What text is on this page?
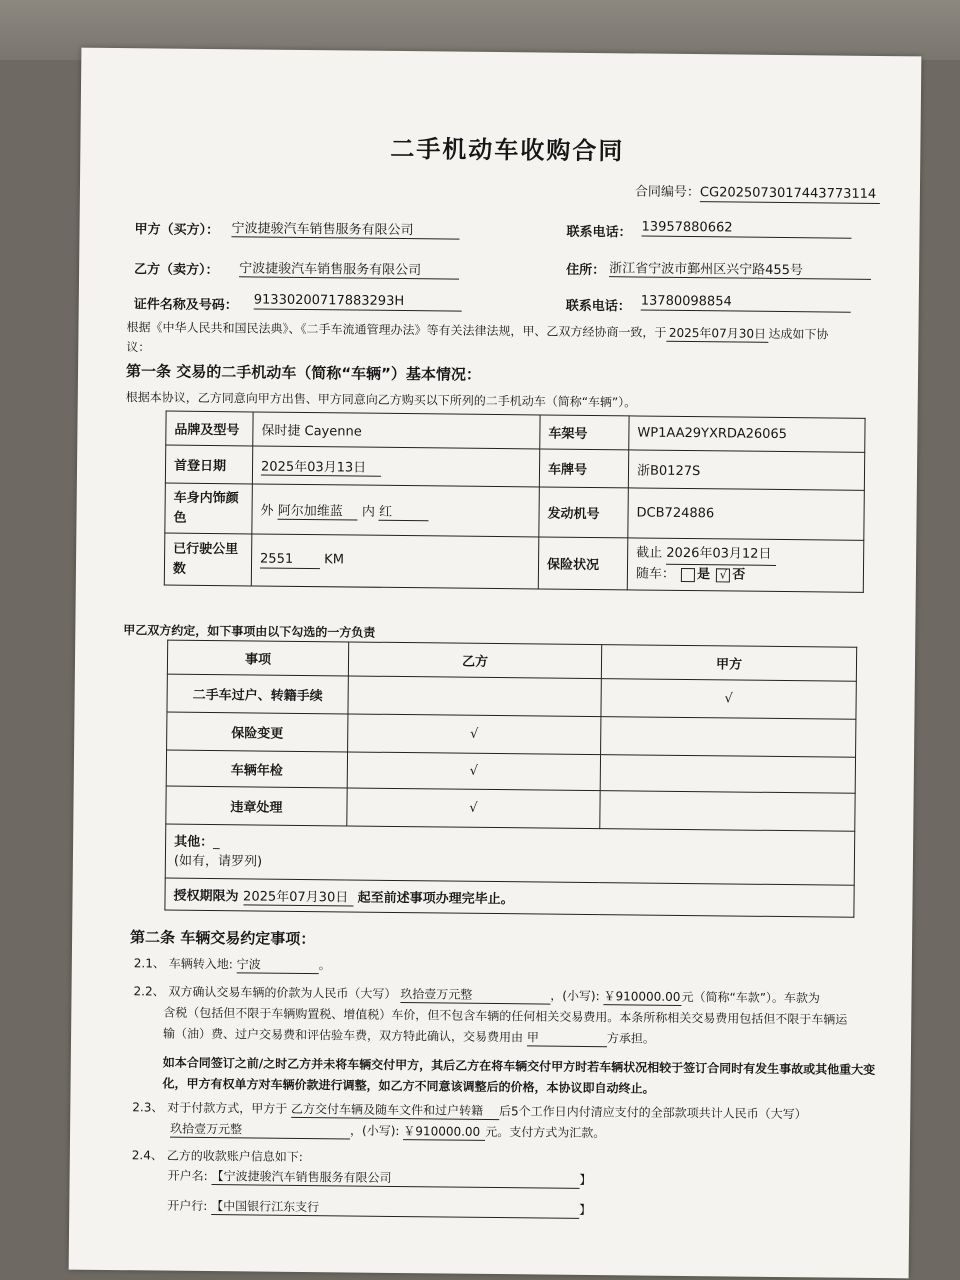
二手机动车收购合同
合同编号：CG2025073017443773114
甲方（买方）： 宁波捷骏汽车销售服务有限公司	联系电话： 13957880662
乙方（卖方）： 宁波捷骏汽车销售服务有限公司	住所： 浙江省宁波市鄞州区兴宁路455号
证件名称及号码： 91330200717883293H	联系电话： 13780098854
根据《中华人民共和国民法典》、《二手车流通管理办法》等有关法律法规，甲、乙双方经协商一致，于 2025年07月30日 达成如下协
议：
第一条 交易的二手机动车（简称“车辆”）基本情况：
根据本协议，乙方同意向甲方出售、甲方同意向乙方购买以下所列的二手机动车（简称“车辆”）。
品牌及型号	保时捷 Cayenne	车架号	WP1AA29YXRDA26065
首登日期	2025年03月13日	车牌号	浙B0127S
车身内饰颜色	外 阿尔加维蓝 内 红	发动机号	DCB724886
已行驶公里数	2551 KM	保险状况	截止 2026年03月12日
随车： 是 √ 否
甲乙双方约定，如下事项由以下勾选的一方负责
事项	乙方	甲方
二手车过户、转籍手续		√
保险变更	√	
车辆年检	√	
违章处理	√	
其他：_
(如有，请罗列)		
授权期限为 2025年07月30日 起至前述事项办理完毕止。		
第二条 车辆交易约定事项：
2.1、 车辆转入地: 宁波	。
2.2、 双方确认交易车辆的价款为人民币（大写） 玖拾壹万元整	，(小写): ￥910000.00元（简称“车款”）。车款为
含税（包括但不限于车辆购置税、增值税）车价，但不包含车辆的任何相关交易费用。本条所称相关交易费用包括但不限于车辆运
输（油）费、过户交易费和评估验车费，双方特此确认，交易费用由 甲	方承担。
如本合同签订之前/之时乙方并未将车辆交付甲方，其后乙方在将车辆交付甲方时若车辆状况相较于签订合同时有发生事故或其他重大变化，甲方有权单方对车辆价款进行调整，如乙方不同意该调整后的价格，本协议即自动终止。
2.3、 对于付款方式，甲方于 乙方交付车辆及随车文件和过户转籍 后5个工作日内付清应支付的全部款项共计人民币（大写）
玖拾壹万元整	，(小写): ￥910000.00 元。支付方式为汇款。
2.4、 乙方的收款账户信息如下:
开户名: 【宁波捷骏汽车销售服务有限公司	】
开户行: 【中国银行江东支行	】
